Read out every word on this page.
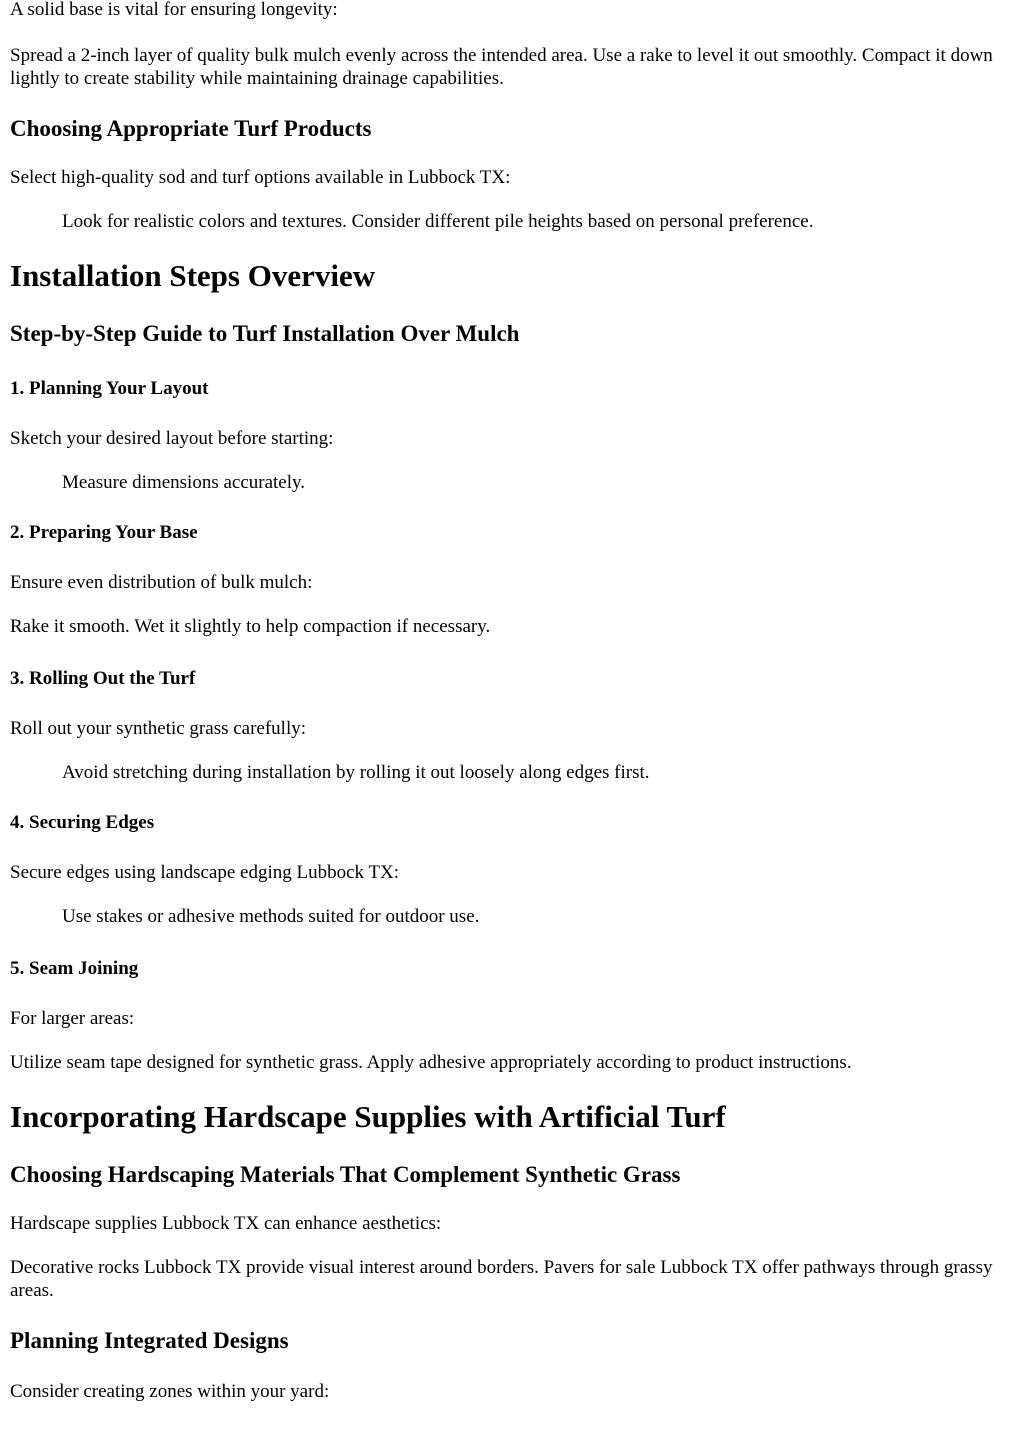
A solid base is vital for ensuring longevity:

Spread a 2-inch layer of quality bulk mulch evenly across the intended area. Use a rake to level it out smoothly. Compact it down lightly to create stability while maintaining drainage capabilities.

Choosing Appropriate Turf Products

Select high-quality sod and turf options available in Lubbock TX:

Look for realistic colors and textures. Consider different pile heights based on personal preference.

Installation Steps Overview
Step-by-Step Guide to Turf Installation Over Mulch
1. Planning Your Layout

Sketch your desired layout before starting:

Measure dimensions accurately.

2. Preparing Your Base

Ensure even distribution of bulk mulch:

Rake it smooth. Wet it slightly to help compaction if necessary.

3. Rolling Out the Turf

Roll out your synthetic grass carefully:

Avoid stretching during installation by rolling it out loosely along edges first.

4. Securing Edges

Secure edges using landscape edging Lubbock TX:

Use stakes or adhesive methods suited for outdoor use.

5. Seam Joining

For larger areas:

Utilize seam tape designed for synthetic grass. Apply adhesive appropriately according to product instructions.

Incorporating Hardscape Supplies with Artificial Turf
Choosing Hardscaping Materials That Complement Synthetic Grass

Hardscape supplies Lubbock TX can enhance aesthetics:

Decorative rocks Lubbock TX provide visual interest around borders. Pavers for sale Lubbock TX offer pathways through grassy areas.

Planning Integrated Designs

Consider creating zones within your yard:
